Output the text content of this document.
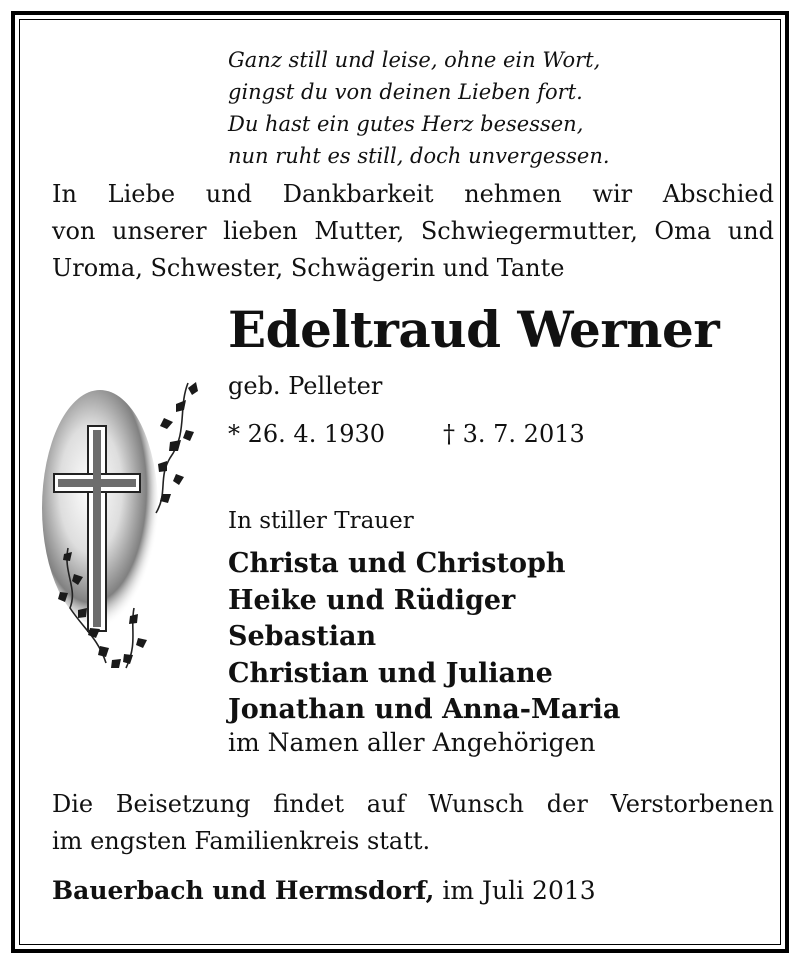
Ganz still und leise, ohne ein Wort,
gingst du von deinen Lieben fort.
Du hast ein gutes Herz besessen,
nun ruht es still, doch unvergessen.
In Liebe und Dankbarkeit nehmen wir Abschied
von unserer lieben Mutter, Schwiegermutter, Oma und
Uroma, Schwester, Schwägerin und Tante
Edeltraud Werner
geb. Pelleter
* 26. 4. 1930 † 3. 7. 2013
In stiller Trauer
Christa und Christoph
Heike und Rüdiger
Sebastian
Christian und Juliane
Jonathan und Anna-Maria
im Namen aller Angehörigen
Die Beisetzung findet auf Wunsch der Verstorbenen
im engsten Familienkreis statt.
Bauerbach und Hermsdorf, im Juli 2013
